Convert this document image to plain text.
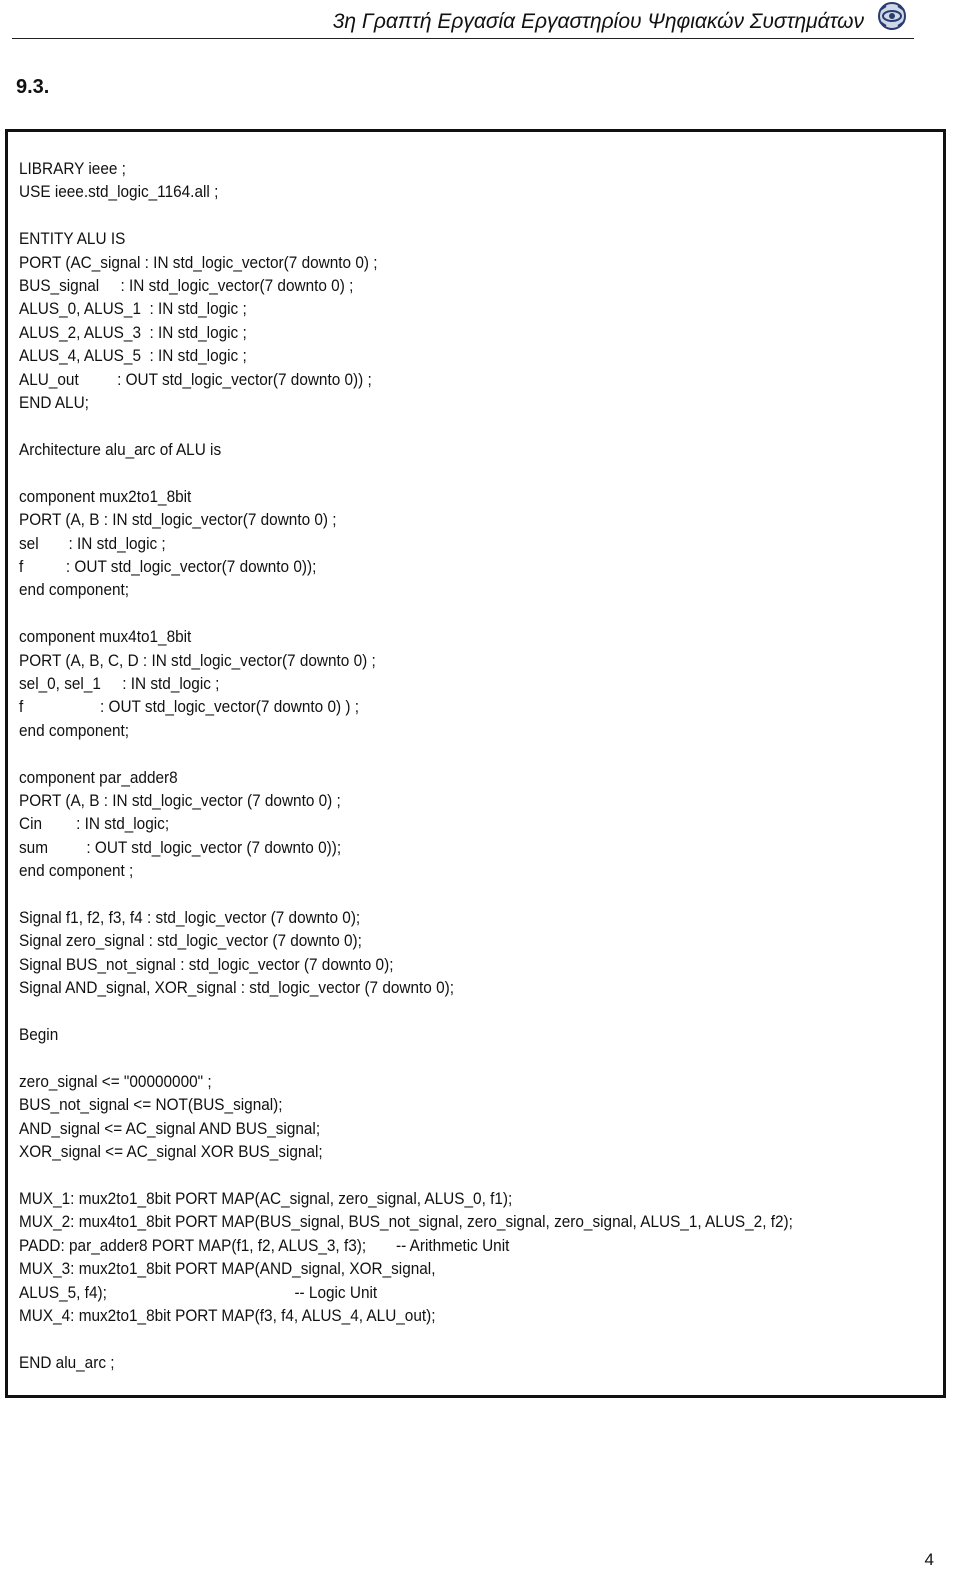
3η Γραπτή Εργασία Εργαστηρίου Ψηφιακών Συστημάτων
9.3.
LIBRARY ieee ;
USE ieee.std_logic_1164.all ;

ENTITY ALU IS
PORT (AC_signal : IN std_logic_vector(7 downto 0) ;
BUS_signal     : IN std_logic_vector(7 downto 0) ;
ALUS_0, ALUS_1  : IN std_logic ;
ALUS_2, ALUS_3  : IN std_logic ;
ALUS_4, ALUS_5  : IN std_logic ;
ALU_out         : OUT std_logic_vector(7 downto 0)) ;
END ALU;

Architecture alu_arc of ALU is

component mux2to1_8bit
PORT (A, B : IN std_logic_vector(7 downto 0) ;
sel       : IN std_logic ;
f          : OUT std_logic_vector(7 downto 0));
end component;

component mux4to1_8bit
PORT (A, B, C, D : IN std_logic_vector(7 downto 0) ;
sel_0, sel_1     : IN std_logic ;
f                  : OUT std_logic_vector(7 downto 0) ) ;
end component;

component par_adder8
PORT (A, B : IN std_logic_vector (7 downto 0) ;
Cin        : IN std_logic;
sum         : OUT std_logic_vector (7 downto 0));
end component ;

Signal f1, f2, f3, f4 : std_logic_vector (7 downto 0);
Signal zero_signal : std_logic_vector (7 downto 0);
Signal BUS_not_signal : std_logic_vector (7 downto 0);
Signal AND_signal, XOR_signal : std_logic_vector (7 downto 0);

Begin

zero_signal <= "00000000" ;
BUS_not_signal <= NOT(BUS_signal);
AND_signal <= AC_signal AND BUS_signal;
XOR_signal <= AC_signal XOR BUS_signal;

MUX_1: mux2to1_8bit PORT MAP(AC_signal, zero_signal, ALUS_0, f1);
MUX_2: mux4to1_8bit PORT MAP(BUS_signal, BUS_not_signal, zero_signal, zero_signal, ALUS_1, ALUS_2, f2);
PADD: par_adder8 PORT MAP(f1, f2, ALUS_3, f3);       -- Arithmetic Unit
MUX_3: mux2to1_8bit PORT MAP(AND_signal, XOR_signal,
ALUS_5, f4);                                            -- Logic Unit
MUX_4: mux2to1_8bit PORT MAP(f3, f4, ALUS_4, ALU_out);

END alu_arc ;
4
